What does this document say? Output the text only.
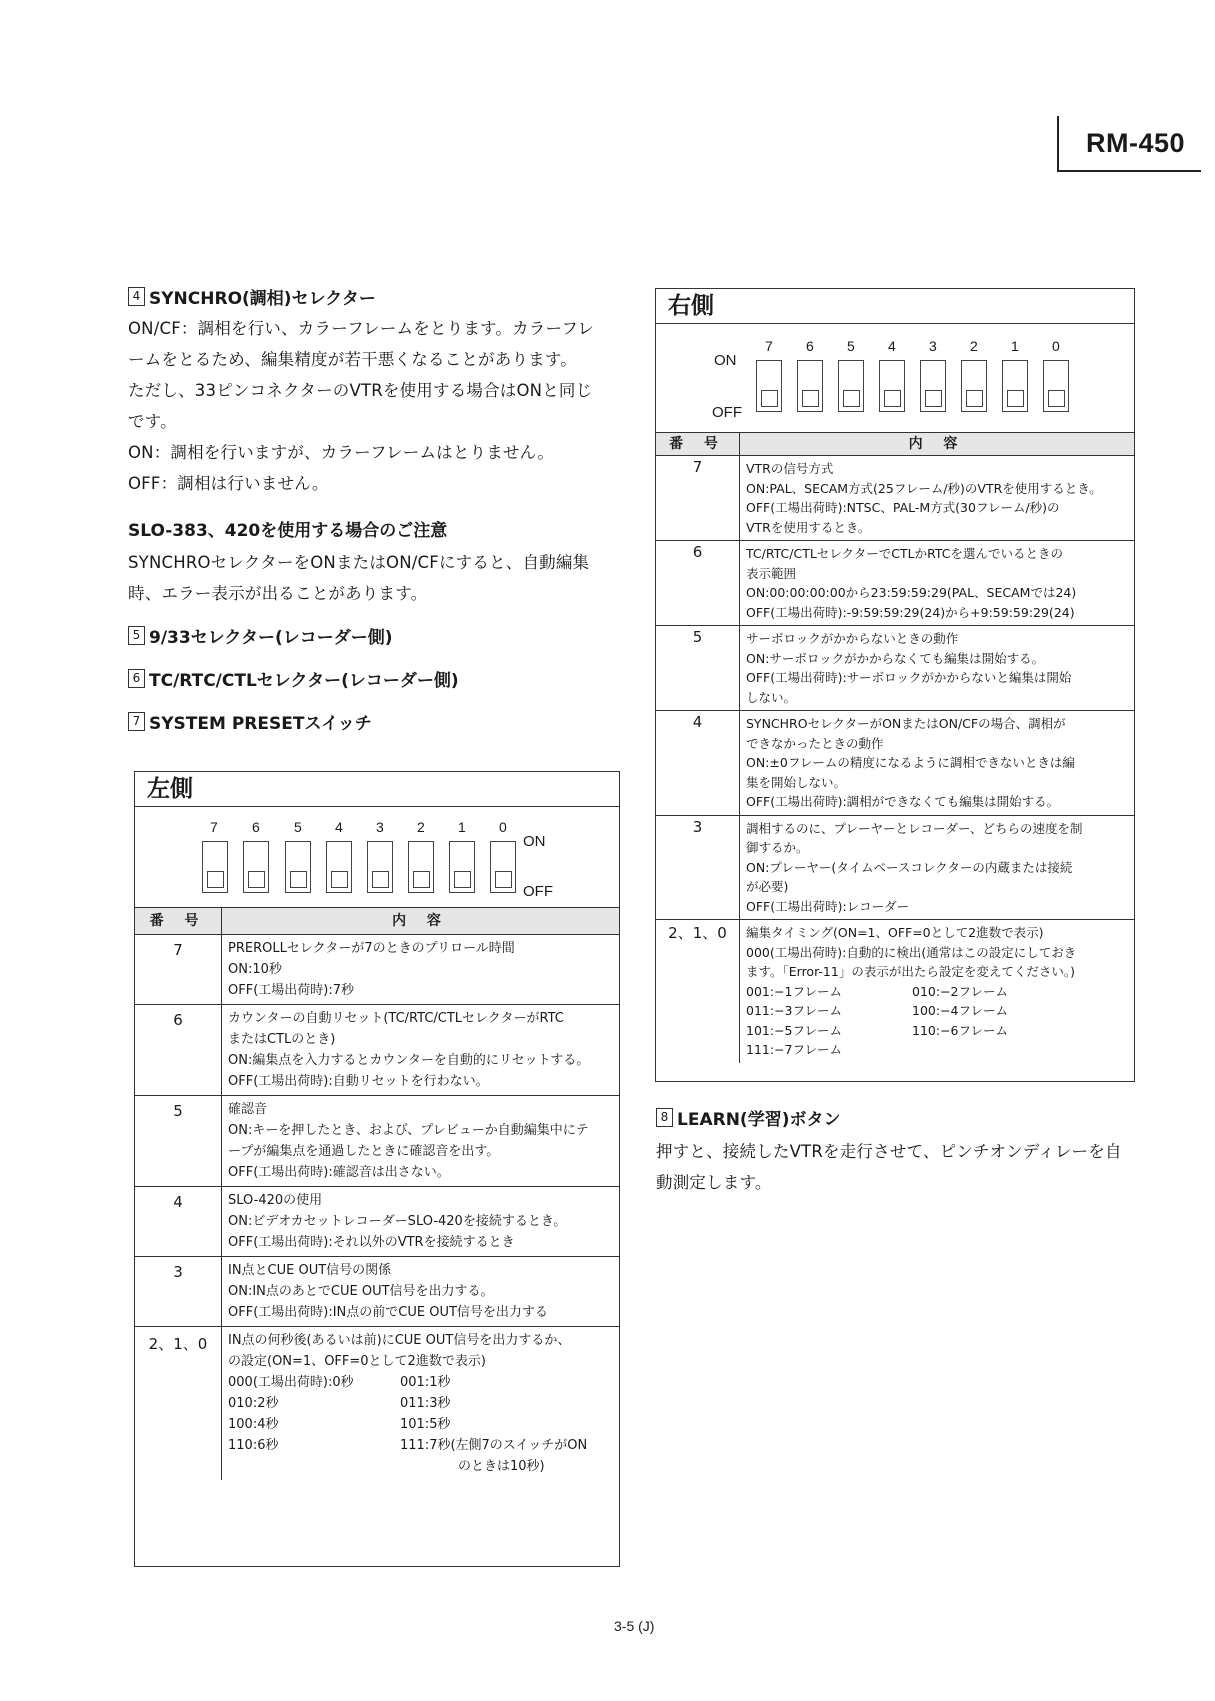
RM-450
4 SYNCHRO(調相)セレクター
ON/CF：調相を行い、カラーフレームをとります。カラーフレ
ームをとるため、編集精度が若干悪くなることがあります。
ただし、33ピンコネクターのVTRを使用する場合はONと同じ
です。
ON：調相を行いますが、カラーフレームはとりません。
OFF：調相は行いません。
SLO-383、420を使用する場合のご注意
SYNCHROセレクターをONまたはON/CFにすると、自動編集
時、エラー表示が出ることがあります。
5 9/33セレクター(レコーダー側)
6 TC/RTC/CTLセレクター(レコーダー側)
7 SYSTEM PRESETスイッチ
左側
7 6 5 4 3 2 1 0
ON
OFF
番 号	内 容
7	PREROLLセレクターが7のときのプリロール時間
ON:10秒
OFF(工場出荷時):7秒
6	カウンターの自動リセット(TC/RTC/CTLセレクターがRTC
またはCTLのとき)
ON:編集点を入力するとカウンターを自動的にリセットする。
OFF(工場出荷時):自動リセットを行わない。
5	確認音
ON:キーを押したとき、および、プレビューか自動編集中にテ
ープが編集点を通過したときに確認音を出す。
OFF(工場出荷時):確認音は出さない。
4	SLO-420の使用
ON:ビデオカセットレコーダーSLO-420を接続するとき。
OFF(工場出荷時):それ以外のVTRを接続するとき
3	IN点とCUE OUT信号の関係
ON:IN点のあとでCUE OUT信号を出力する。
OFF(工場出荷時):IN点の前でCUE OUT信号を出力する
2、1、0	IN点の何秒後(あるいは前)にCUE OUT信号を出力するか、
の設定(ON=1、OFF=0として2進数で表示)
000(工場出荷時):0秒	001:1秒
010:2秒	011:3秒
100:4秒	101:5秒
110:6秒	111:7秒(左側7のスイッチがON
のときは10秒)
右側
7 6 5 4 3 2 1 0
ON
OFF
番 号	内 容
7	VTRの信号方式
ON:PAL、SECAM方式(25フレーム/秒)のVTRを使用するとき。
OFF(工場出荷時):NTSC、PAL-M方式(30フレーム/秒)の
VTRを使用するとき。
6	TC/RTC/CTLセレクターでCTLかRTCを選んでいるときの
表示範囲
ON:00:00:00:00から23:59:59:29(PAL、SECAMでは24)
OFF(工場出荷時):-9:59:59:29(24)から+9:59:59:29(24)
5	サーボロックがかからないときの動作
ON:サーボロックがかからなくても編集は開始する。
OFF(工場出荷時):サーボロックがかからないと編集は開始
しない。
4	SYNCHROセレクターがONまたはON/CFの場合、調相が
できなかったときの動作
ON:±0フレームの精度になるように調相できないときは編
集を開始しない。
OFF(工場出荷時):調相ができなくても編集は開始する。
3	調相するのに、プレーヤーとレコーダー、どちらの速度を制
御するか。
ON:プレーヤー(タイムベースコレクターの内蔵または接続
が必要)
OFF(工場出荷時):レコーダー
2、1、0	編集タイミング(ON=1、OFF=0として2進数で表示)
000(工場出荷時):自動的に検出(通常はこの設定にしておき
ます。「Error-11」の表示が出たら設定を変えてください。)
001:−1フレーム	010:−2フレーム
011:−3フレーム	100:−4フレーム
101:−5フレーム	110:−6フレーム
111:−7フレーム
8 LEARN(学習)ボタン
押すと、接続したVTRを走行させて、ピンチオンディレーを自
動測定します。
3-5 (J)
